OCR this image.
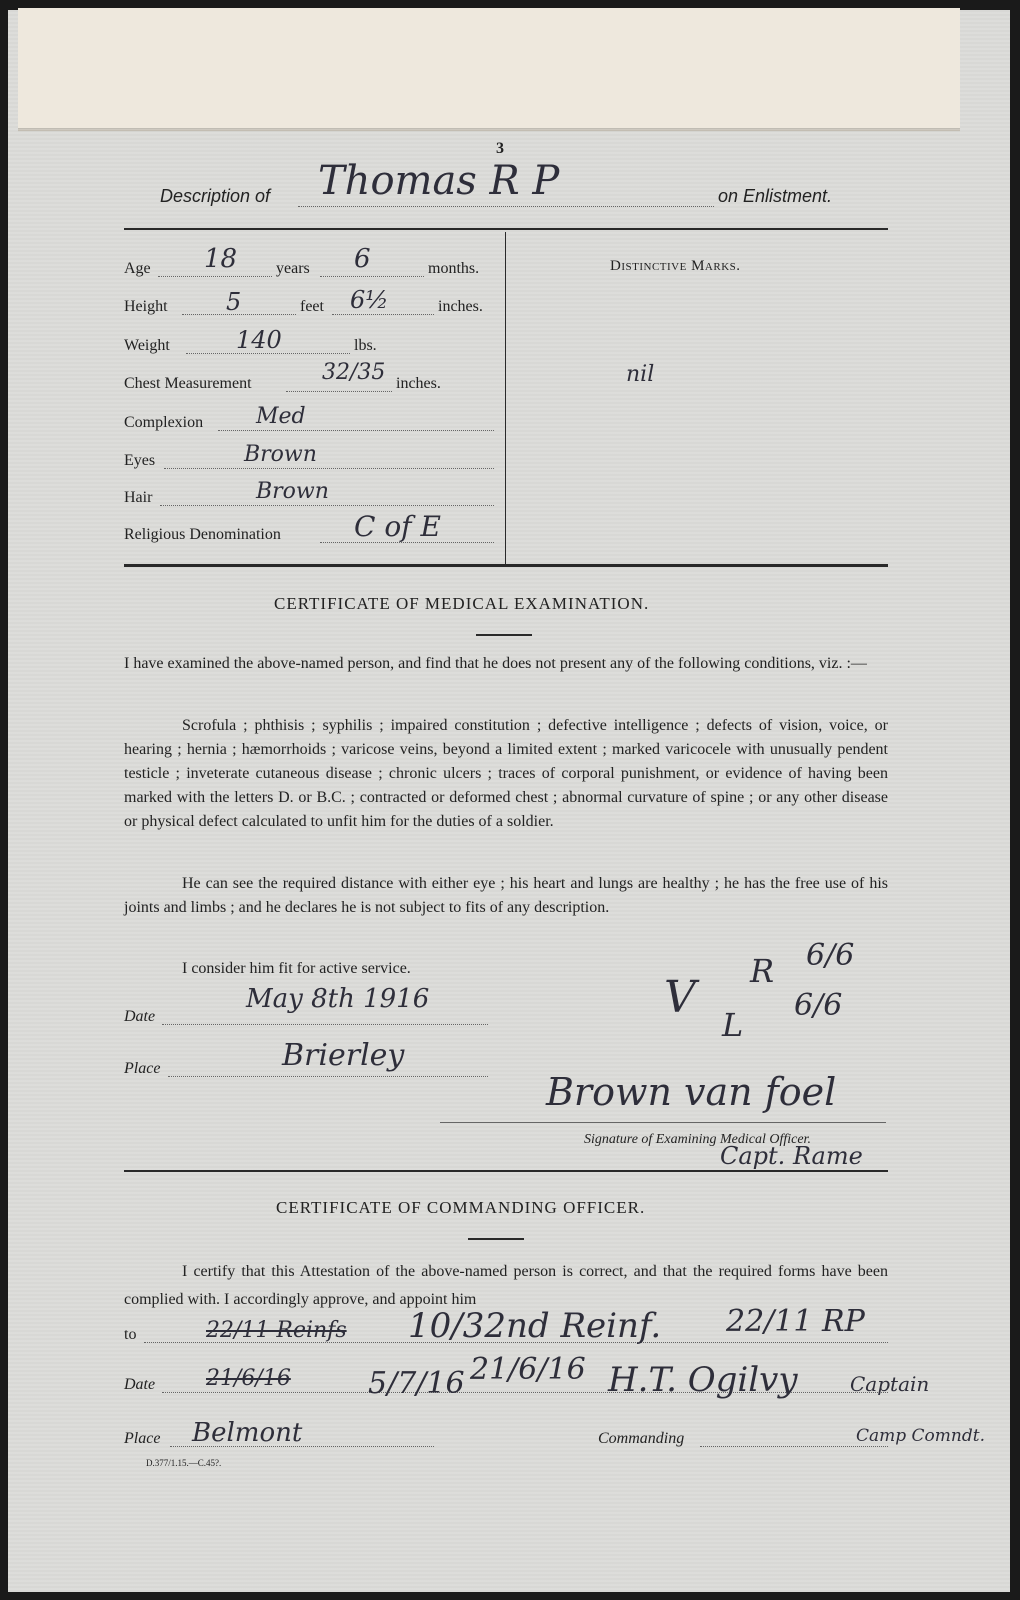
3
Description of Thomas R P	on Enlistment.
Age 18 years 6	months.
Height 5	feet 6½	inches.
Weight	140	lbs.
Chest Measurement	32/35 inches.
Complexion Med
Eyes	Brown
Hair	Brown
Religious Denomination	C of E
Distinctive Marks.
nil
CERTIFICATE OF MEDICAL EXAMINATION.
I have examined the above-named person, and find that he does not present any of the following conditions, viz. :—
Scrofula ; phthisis ; syphilis ; impaired constitution ; defective intelligence ; defects of vision, voice, or hearing ; hernia ; hæmorrhoids ; varicose veins, beyond a limited extent ; marked varicocele with unusually pendent testicle ; inveterate cutaneous disease ; chronic ulcers ; traces of corporal punishment, or evidence of having been marked with the letters D. or B.C. ; contracted or deformed chest ; abnormal curvature of spine ; or any other disease or physical defect calculated to unfit him for the duties of a soldier.
He can see the required distance with either eye ; his heart and lungs are healthy ; he has the free use of his joints and limbs ; and he declares he is not subject to fits of any description.
I consider him fit for active service.
Date
May 8th 1916
Place	Brierley
V
R 6/6
L
6/6
Brown van foel
Signature of Examining Medical Officer.
Capt. Rame
CERTIFICATE OF COMMANDING OFFICER.
I certify that this Attestation of the above-named person is correct, and that the required forms have been complied with. I accordingly approve, and appoint him
to	22/11 Reinfs 10/32nd Reinf. 22/11 RP
Date 21/6/16	5/7/16 21/6/16 H.T. Ogilvy	Captain
Place Belmont	Commanding	Camp Comndt.
D.377/1.15.—C.45?.
